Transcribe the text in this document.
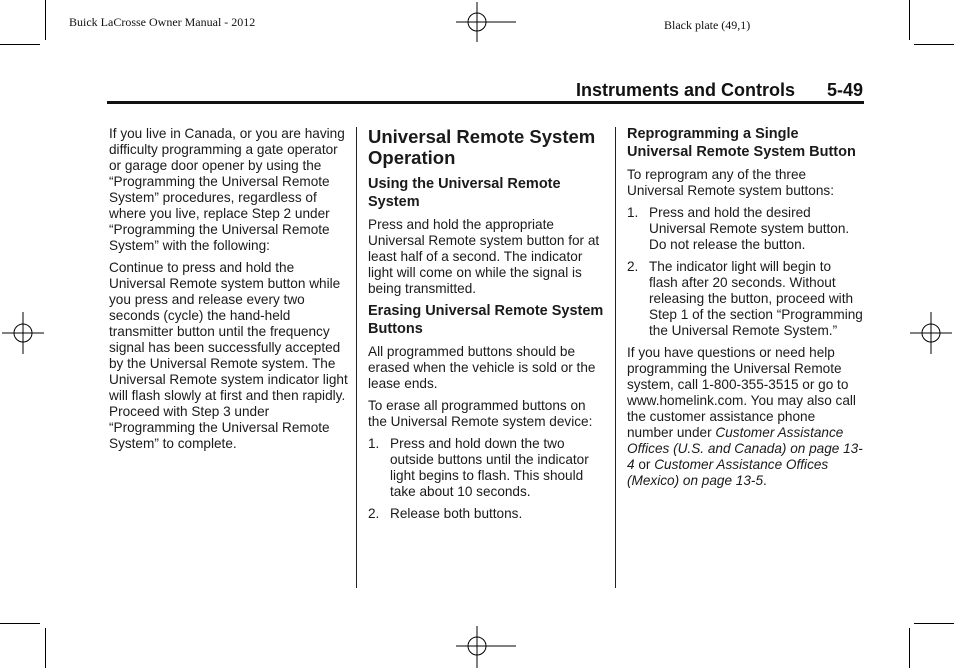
Buick LaCrosse Owner Manual - 2012	Black plate (49,1)
Instruments and Controls 5-49

If you live in Canada, or you are having difficulty programming a gate operator or garage door opener by using the “Programming the Universal Remote System” procedures, regardless of where you live, replace Step 2 under “Programming the Universal Remote System” with the following:

Continue to press and hold the Universal Remote system button while you press and release every two seconds (cycle) the hand-held transmitter button until the frequency signal has been successfully accepted by the Universal Remote system. The Universal Remote system indicator light will flash slowly at first and then rapidly. Proceed with Step 3 under “Programming the Universal Remote System” to complete.

Universal Remote System Operation
Using the Universal Remote System

Press and hold the appropriate Universal Remote system button for at least half of a second. The indicator light will come on while the signal is being transmitted.

Erasing Universal Remote System Buttons

All programmed buttons should be erased when the vehicle is sold or the lease ends.

To erase all programmed buttons on the Universal Remote system device:

1. Press and hold down the two outside buttons until the indicator light begins to flash. This should take about 10 seconds.
2. Release both buttons.
Reprogramming a Single Universal Remote System Button

To reprogram any of the three Universal Remote system buttons:

1. Press and hold the desired Universal Remote system button. Do not release the button.
2. The indicator light will begin to flash after 20 seconds. Without releasing the button, proceed with Step 1 of the section “Programming the Universal Remote System.”

If you have questions or need help programming the Universal Remote system, call 1-800-355-3515 or go to www.homelink.com. You may also call the customer assistance phone number under Customer Assistance Offices (U.S. and Canada) on page 13-4 or Customer Assistance Offices (Mexico) on page 13-5.
